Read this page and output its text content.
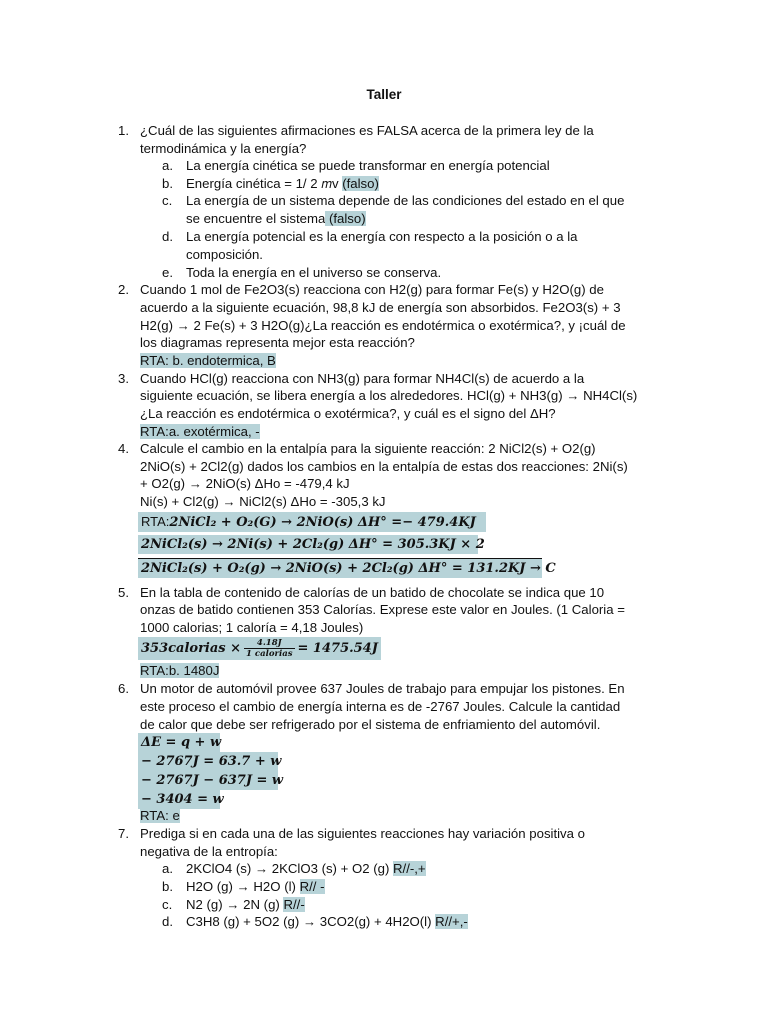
Taller
1. ¿Cuál de las siguientes afirmaciones es FALSA acerca de la primera ley de la
termodinámica y la energía?
a. La energía cinética se puede transformar en energía potencial
b. Energía cinética = 1/ 2 𝑚v (falso)
c. La energía de un sistema depende de las condiciones del estado en el que
se encuentre el sistema (falso)
d. La energía potencial es la energía con respecto a la posición o a la
composición.
e. Toda la energía en el universo se conserva.
2. Cuando 1 mol de Fe2O3(s) reacciona con H2(g) para formar Fe(s) y H2O(g) de
acuerdo a la siguiente ecuación, 98,8 kJ de energía son absorbidos. Fe2O3(s) + 3
H2(g) → 2 Fe(s) + 3 H2O(g)¿La reacción es endotérmica o exotérmica?, y ¡cuál de
los diagramas representa mejor esta reacción?
RTA: b. endotermica, B
3. Cuando HCl(g) reacciona con NH3(g) para formar NH4Cl(s) de acuerdo a la
siguiente ecuación, se libera energía a los alrededores. HCl(g) + NH3(g) → NH4Cl(s)
¿La reacción es endotérmica o exotérmica?, y cuál es el signo del ΔH?
RTA:a. exotérmica, -
4. Calcule el cambio en la entalpía para la siguiente reacción: 2 NiCl2(s) + O2(g)
2NiO(s) + 2Cl2(g) dados los cambios en la entalpía de estas dos reacciones: 2Ni(s)
+ O2(g) → 2NiO(s) ΔHo = -479,4 kJ
Ni(s) + Cl2(g) → NiCl2(s) ΔHo = -305,3 kJ
RTA:2NiCl₂ + O₂(G) → 2NiO(s) ΔH° =− 479.4KJ
2NiCl₂(s) → 2Ni(s) + 2Cl₂(g) ΔH° = 305.3KJ × 2
2NiCl₂(s) + O₂(g) → 2NiO(s) + 2Cl₂(g) ΔH° = 131.2KJ → C
5. En la tabla de contenido de calorías de un batido de chocolate se indica que 10
onzas de batido contienen 353 Calorías. Exprese este valor en Joules. (1 Caloria =
1000 calorias; 1 caloría = 4,18 Joules)
353calorias × $\frac{4.18J}{\text{1 calorias}} = 1475.54J$
RTA:b. 1480J
6. Un motor de automóvil provee 637 Joules de trabajo para empujar los pistones. En
este proceso el cambio de energía interna es de -2767 Joules. Calcule la cantidad
de calor que debe ser refrigerado por el sistema de enfriamiento del automóvil.
ΔE = q + w
− 2767J = 63.7 + w
− 2767J − 637J = w
− 3404 = w
RTA: e
7. Prediga si en cada una de las siguientes reacciones hay variación positiva o
negativa de la entropía:
a. 2KClO4 (s) → 2KClO3 (s) + O2 (g) R//-,+
b. H2O (g) → H2O (l) R// -
c. N2 (g) → 2N (g) R//-
d. C3H8 (g) + 5O2 (g) → 3CO2(g) + 4H2O(l) R//+,-
